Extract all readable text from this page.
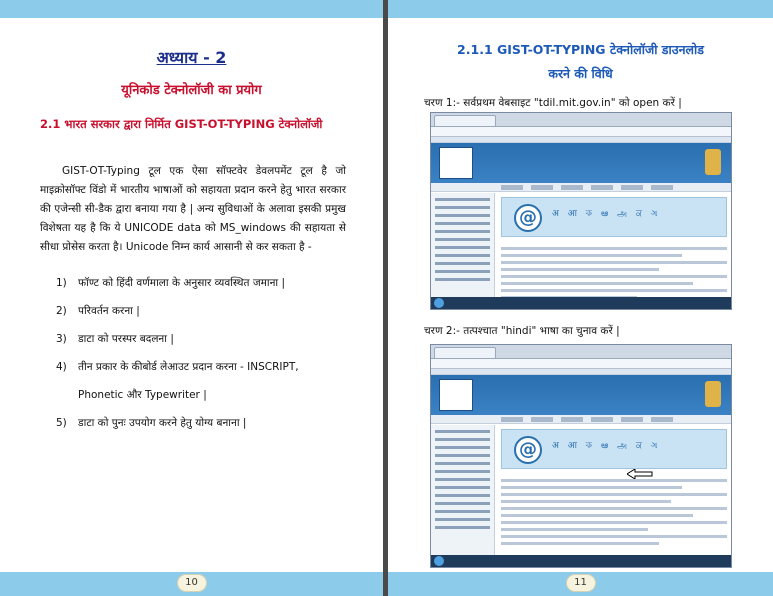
अध्याय - 2
यूनिकोड टेक्नोलॉजी का प्रयोग
2.1 भारत सरकार द्वारा निर्मित GIST-OT-TYPING टेक्नोलॉजी
GIST-OT-Typing टूल एक ऐसा सॉफ्टवेर डेवलपमेंट टूल है जो माइक्रोसॉफ्ट विंडो में भारतीय भाषाओं को सहायता प्रदान करने हेतु भारत सरकार की एजेन्सी सी-डैक द्वारा बनाया गया है | अन्य सुविधाओं के अलावा इसकी प्रमुख विशेषता यह है कि ये UNICODE data को MS_windows की सहायता से सीधा प्रोसेस करता है। Unicode निम्न कार्य आसानी से कर सकता है -
1) फॉण्ट को हिंदी वर्णमाला के अनुसार व्यवस्थित जमाना |
2) परिवर्तन करना |
3) डाटा को परस्पर बदलना |
4) तीन प्रकार के कीबोर्ड लेआउट प्रदान करना - INSCRIPT,
Phonetic और Typewriter |
5) डाटा को पुनः उपयोग करने हेतु योग्य बनाना |
10
2.1.1 GIST-OT-TYPING टेक्नोलॉजी डाउनलोड
करने की विधि
चरण 1:- सर्वप्रथम वेबसाइट "tdil.mit.gov.in" को open करें |
@	अ आ ক ఆ அ ਕ ગ
चरण 2:- तत्पश्चात "hindi" भाषा का चुनाव करें |
@	अ आ ক ఆ அ ਕ ગ
11
